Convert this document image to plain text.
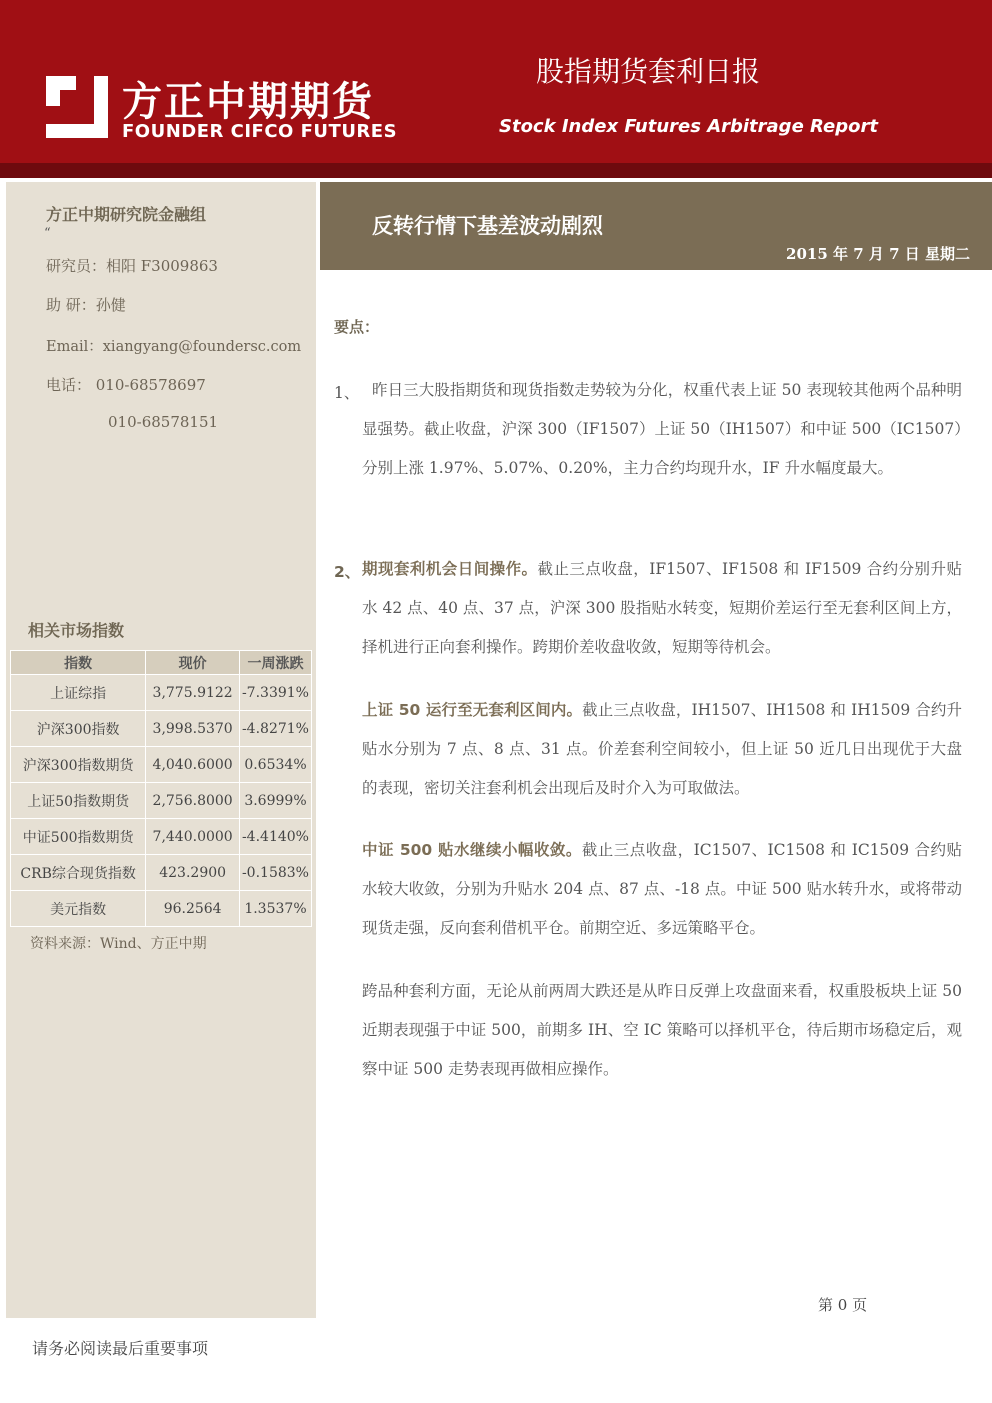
方正中期期货
FOUNDER CIFCO FUTURES
股指期货套利日报
Stock Index Futures Arbitrage Report
方正中期研究院金融组
“
研究员：相阳 F3009863
助 研：孙健
Email：xiangyang@foundersc.com
电话： 010-68578697
010-68578151
相关市场指数
指数	现价	一周涨跌
上证综指	3,775.9122	-7.3391%
沪深300指数	3,998.5370	-4.8271%
沪深300指数期货	4,040.6000	0.6534%
上证50指数期货	2,756.8000	3.6999%
中证500指数期货	7,440.0000	-4.4140%
CRB综合现货指数	423.2900	-0.1583%
美元指数	96.2564	1.3537%
资料来源：Wind、方正中期
反转行情下基差波动剧烈
2015 年 7 月 7 日 星期二
要点：
1、 昨日三大股指期货和现货指数走势较为分化，权重代表上证 50 表现较其他两个品种明显强势。截止收盘，沪深 300（IF1507）上证 50（IH1507）和中证 500（IC1507）分别上涨 1.97%、5.07%、0.20%，主力合约均现升水，IF 升水幅度最大。
2、 期现套利机会日间操作。截止三点收盘，IF1507、IF1508 和 IF1509 合约分别升贴水 42 点、40 点、37 点，沪深 300 股指贴水转变，短期价差运行至无套利区间上方，择机进行正向套利操作。跨期价差收盘收敛，短期等待机会。
上证 50 运行至无套利区间内。截止三点收盘，IH1507、IH1508 和 IH1509 合约升贴水分别为 7 点、8 点、31 点。价差套利空间较小，但上证 50 近几日出现优于大盘的表现，密切关注套利机会出现后及时介入为可取做法。
中证 500 贴水继续小幅收敛。截止三点收盘，IC1507、IC1508 和 IC1509 合约贴水较大收敛，分别为升贴水 204 点、87 点、-18 点。中证 500 贴水转升水，或将带动现货走强，反向套利借机平仓。前期空近、多远策略平仓。
跨品种套利方面，无论从前两周大跌还是从昨日反弹上攻盘面来看，权重股板块上证 50 近期表现强于中证 500，前期多 IH、空 IC 策略可以择机平仓，待后期市场稳定后，观察中证 500 走势表现再做相应操作。
第 0 页
请务必阅读最后重要事项
